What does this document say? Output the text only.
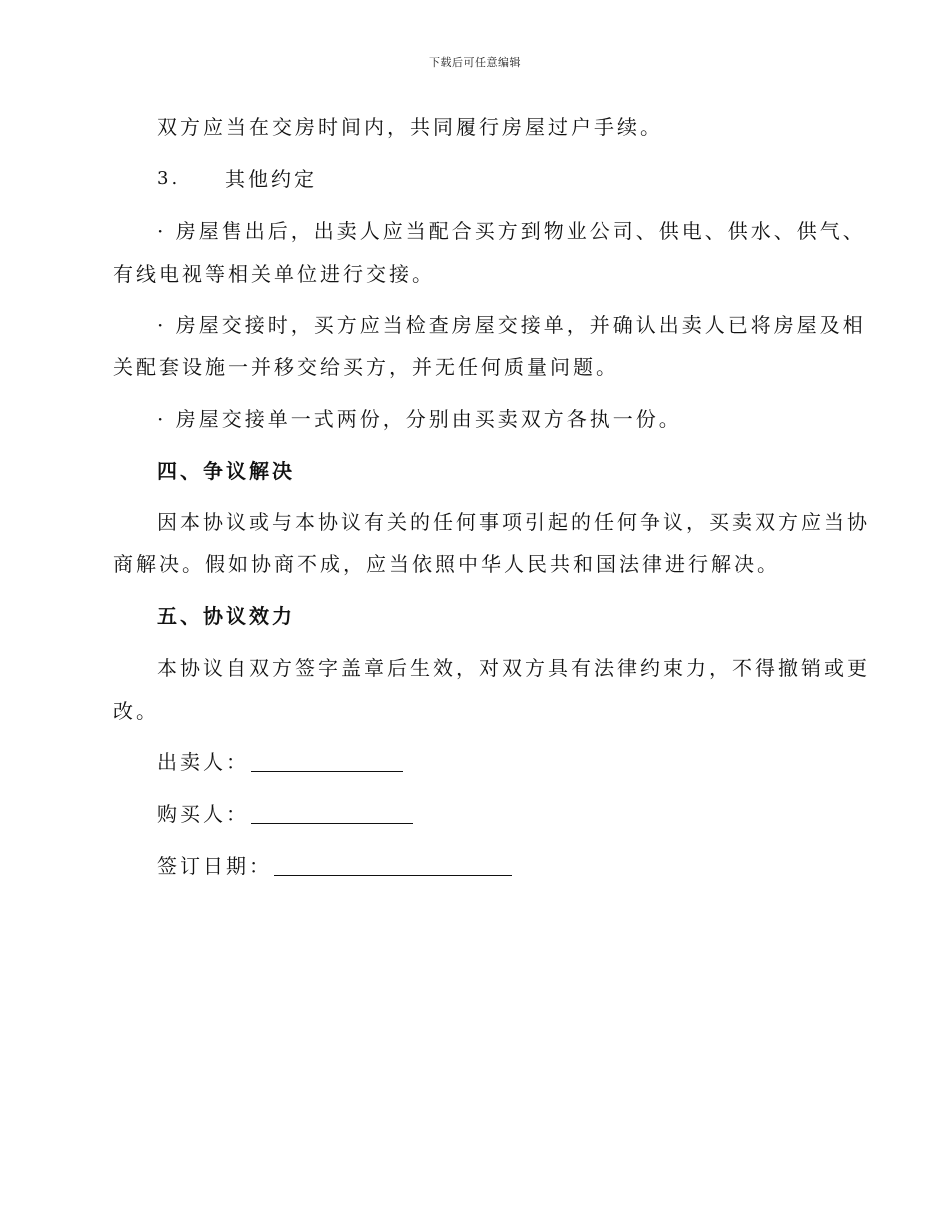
下载后可任意编辑
双方应当在交房时间内，共同履行房屋过户手续。
3. 其他约定
· 房屋售出后，出卖人应当配合买方到物业公司、供电、供水、供气、
有线电视等相关单位进行交接。
· 房屋交接时，买方应当检查房屋交接单，并确认出卖人已将房屋及相
关配套设施一并移交给买方，并无任何质量问题。
· 房屋交接单一式两份，分别由买卖双方各执一份。
四、争议解决
因本协议或与本协议有关的任何事项引起的任何争议，买卖双方应当协
商解决。假如协商不成，应当依照中华人民共和国法律进行解决。
五、协议效力
本协议自双方签字盖章后生效，对双方具有法律约束力，不得撤销或更
改。
出卖人：
购买人：
签订日期：
